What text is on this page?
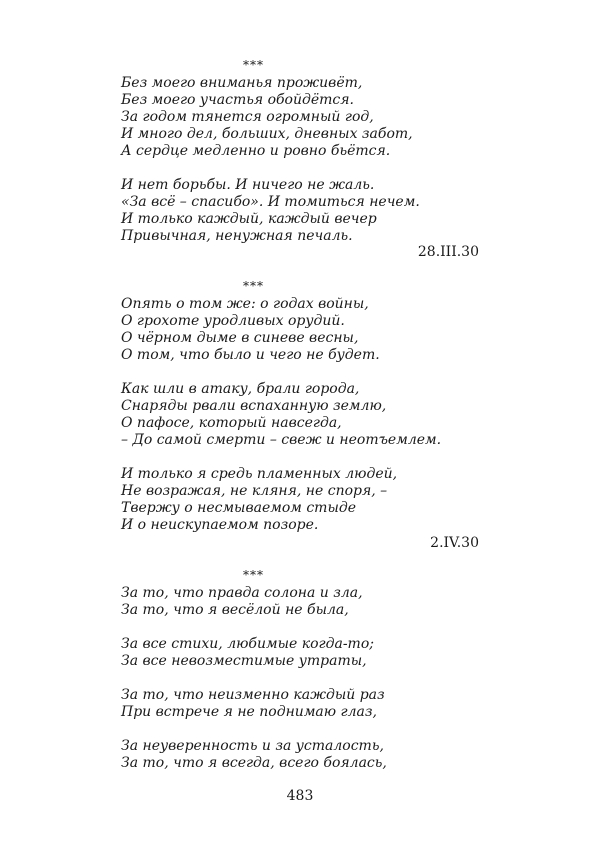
***
Без моего вниманья проживёт,
Без моего участья обойдётся.
За годом тянется огромный год,
И много дел, больших, дневных забот,
А сердце медленно и ровно бьётся.
И нет борьбы. И ничего не жаль.
«За всё – спасибо». И томиться нечем.
И только каждый, каждый вечер
Привычная, ненужная печаль.
28.III.30
***
Опять о том же: о годах войны,
О грохоте уродливых орудий.
О чёрном дыме в синеве весны,
О том, что было и чего не будет.
Как шли в атаку, брали города,
Снаряды рвали вспаханную землю,
О пафосе, который навсегда,
– До самой смерти – свеж и неотъемлем.
И только я средь пламенных людей,
Не возражая, не кляня, не споря, –
Твержу о несмываемом стыде
И о неискупаемом позоре.
2.IV.30
***
За то, что правда солона и зла,
За то, что я весёлой не была,
За все стихи, любимые когда-то;
За все невозместимые утраты,
За то, что неизменно каждый раз
При встрече я не поднимаю глаз,
За неуверенность и за усталость,
За то, что я всегда, всего боялась,
483
